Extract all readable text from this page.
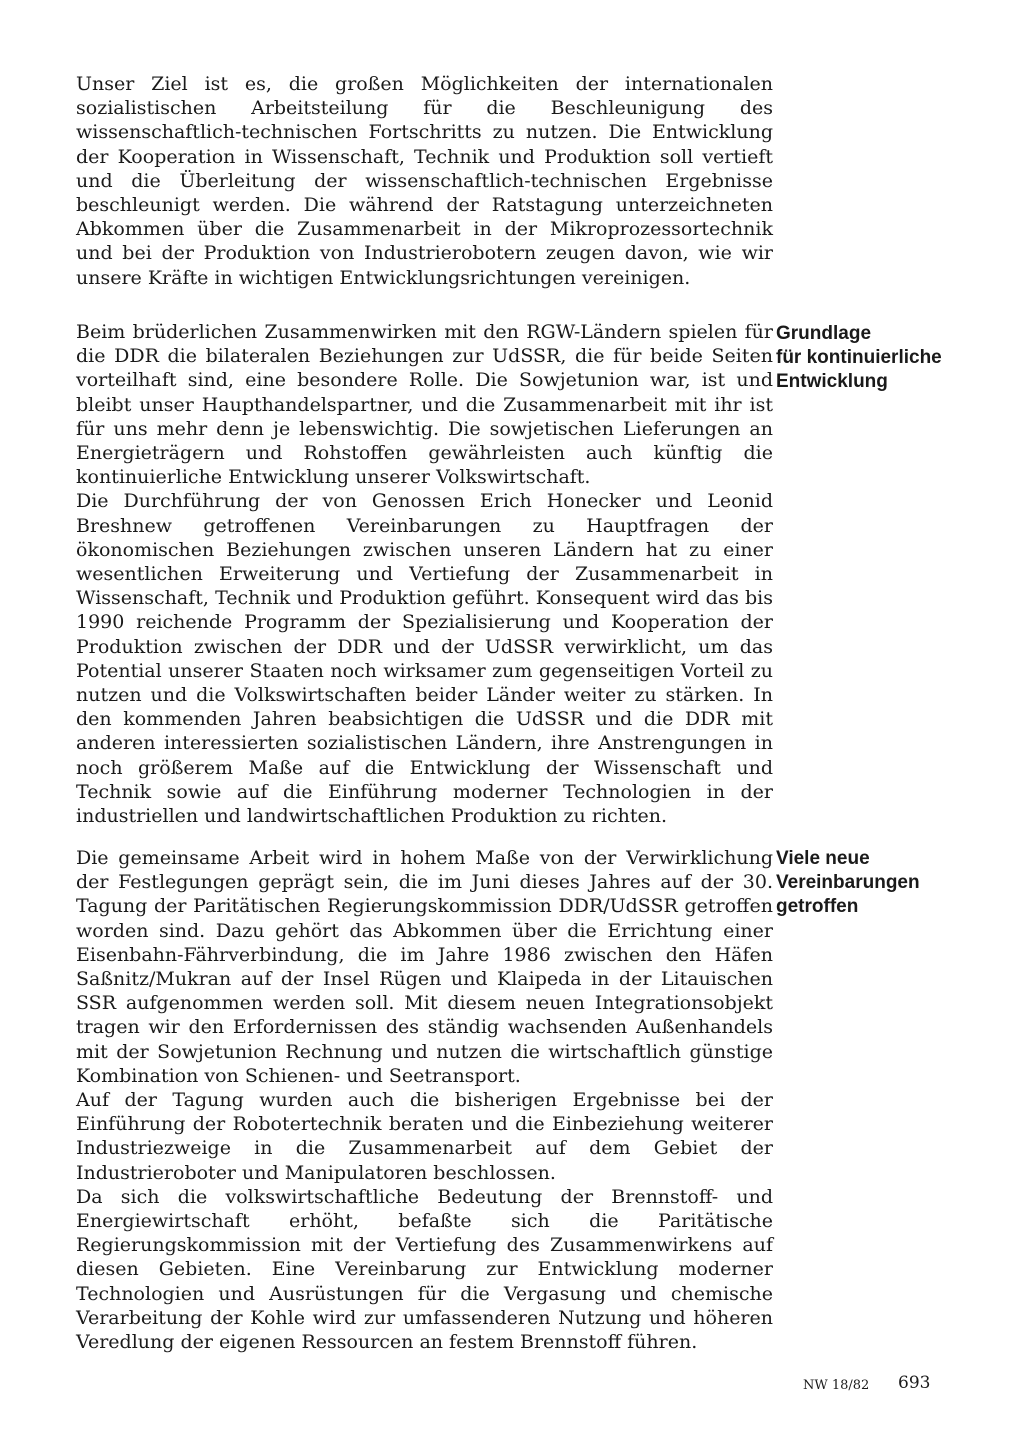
Unser Ziel ist es, die großen Möglichkeiten der internationalen sozialistischen Arbeitsteilung für die Beschleunigung des wissenschaftlich-technischen Fortschritts zu nutzen. Die Entwicklung der Kooperation in Wissenschaft, Technik und Produktion soll vertieft und die Überleitung der wissenschaftlich-technischen Ergebnisse beschleunigt werden. Die während der Ratstagung unterzeichneten Abkommen über die Zusammenarbeit in der Mikroprozessortechnik und bei der Produktion von Industrierobotern zeugen davon, wie wir unsere Kräfte in wichtigen Entwicklungsrichtungen vereinigen.

Grundlage
für kontinuierliche
Entwicklung

Beim brüderlichen Zusammenwirken mit den RGW-Ländern spielen für die DDR die bilateralen Beziehungen zur UdSSR, die für beide Seiten vorteilhaft sind, eine besondere Rolle. Die Sowjetunion war, ist und bleibt unser Haupthandelspartner, und die Zusammenarbeit mit ihr ist für uns mehr denn je lebenswichtig. Die sowjetischen Lieferungen an Energieträgern und Rohstoffen gewährleisten auch künftig die kontinuierliche Entwicklung unserer Volkswirtschaft.

Die Durchführung der von Genossen Erich Honecker und Leonid Breshnew getroffenen Vereinbarungen zu Hauptfragen der ökonomischen Beziehungen zwischen unseren Ländern hat zu einer wesentlichen Erweiterung und Vertiefung der Zusammenarbeit in Wissenschaft, Technik und Produktion geführt. Konsequent wird das bis 1990 reichende Programm der Spezialisierung und Kooperation der Produktion zwischen der DDR und der UdSSR verwirklicht, um das Potential unserer Staaten noch wirksamer zum gegenseitigen Vorteil zu nutzen und die Volkswirtschaften beider Länder weiter zu stärken. In den kommenden Jahren beabsichtigen die UdSSR und die DDR mit anderen interessierten sozialistischen Ländern, ihre Anstrengungen in noch größerem Maße auf die Entwicklung der Wissenschaft und Technik sowie auf die Einführung moderner Technologien in der industriellen und landwirtschaftlichen Produktion zu richten.

Viele neue
Vereinbarungen
getroffen

Die gemeinsame Arbeit wird in hohem Maße von der Verwirklichung der Festlegungen geprägt sein, die im Juni dieses Jahres auf der 30. Tagung der Paritätischen Regierungskommission DDR/UdSSR getroffen worden sind. Dazu gehört das Abkommen über die Errichtung einer Eisenbahn-Fährverbindung, die im Jahre 1986 zwischen den Häfen Saßnitz/Mukran auf der Insel Rügen und Klaipeda in der Litauischen SSR aufgenommen werden soll. Mit diesem neuen Integrationsobjekt tragen wir den Erfordernissen des ständig wachsenden Außenhandels mit der Sowjetunion Rechnung und nutzen die wirtschaftlich günstige Kombination von Schienen- und Seetransport.

Auf der Tagung wurden auch die bisherigen Ergebnisse bei der Einführung der Robotertechnik beraten und die Einbeziehung weiterer Industriezweige in die Zusammenarbeit auf dem Gebiet der Industrieroboter und Manipulatoren beschlossen.

Da sich die volkswirtschaftliche Bedeutung der Brennstoff- und Energiewirtschaft erhöht, befaßte sich die Paritätische Regierungskommission mit der Vertiefung des Zusammenwirkens auf diesen Gebieten. Eine Vereinbarung zur Entwicklung moderner Technologien und Ausrüstungen für die Vergasung und chemische Verarbeitung der Kohle wird zur umfassenderen Nutzung und höheren Veredlung der eigenen Ressourcen an festem Brennstoff führen.

NW 18/82 693
